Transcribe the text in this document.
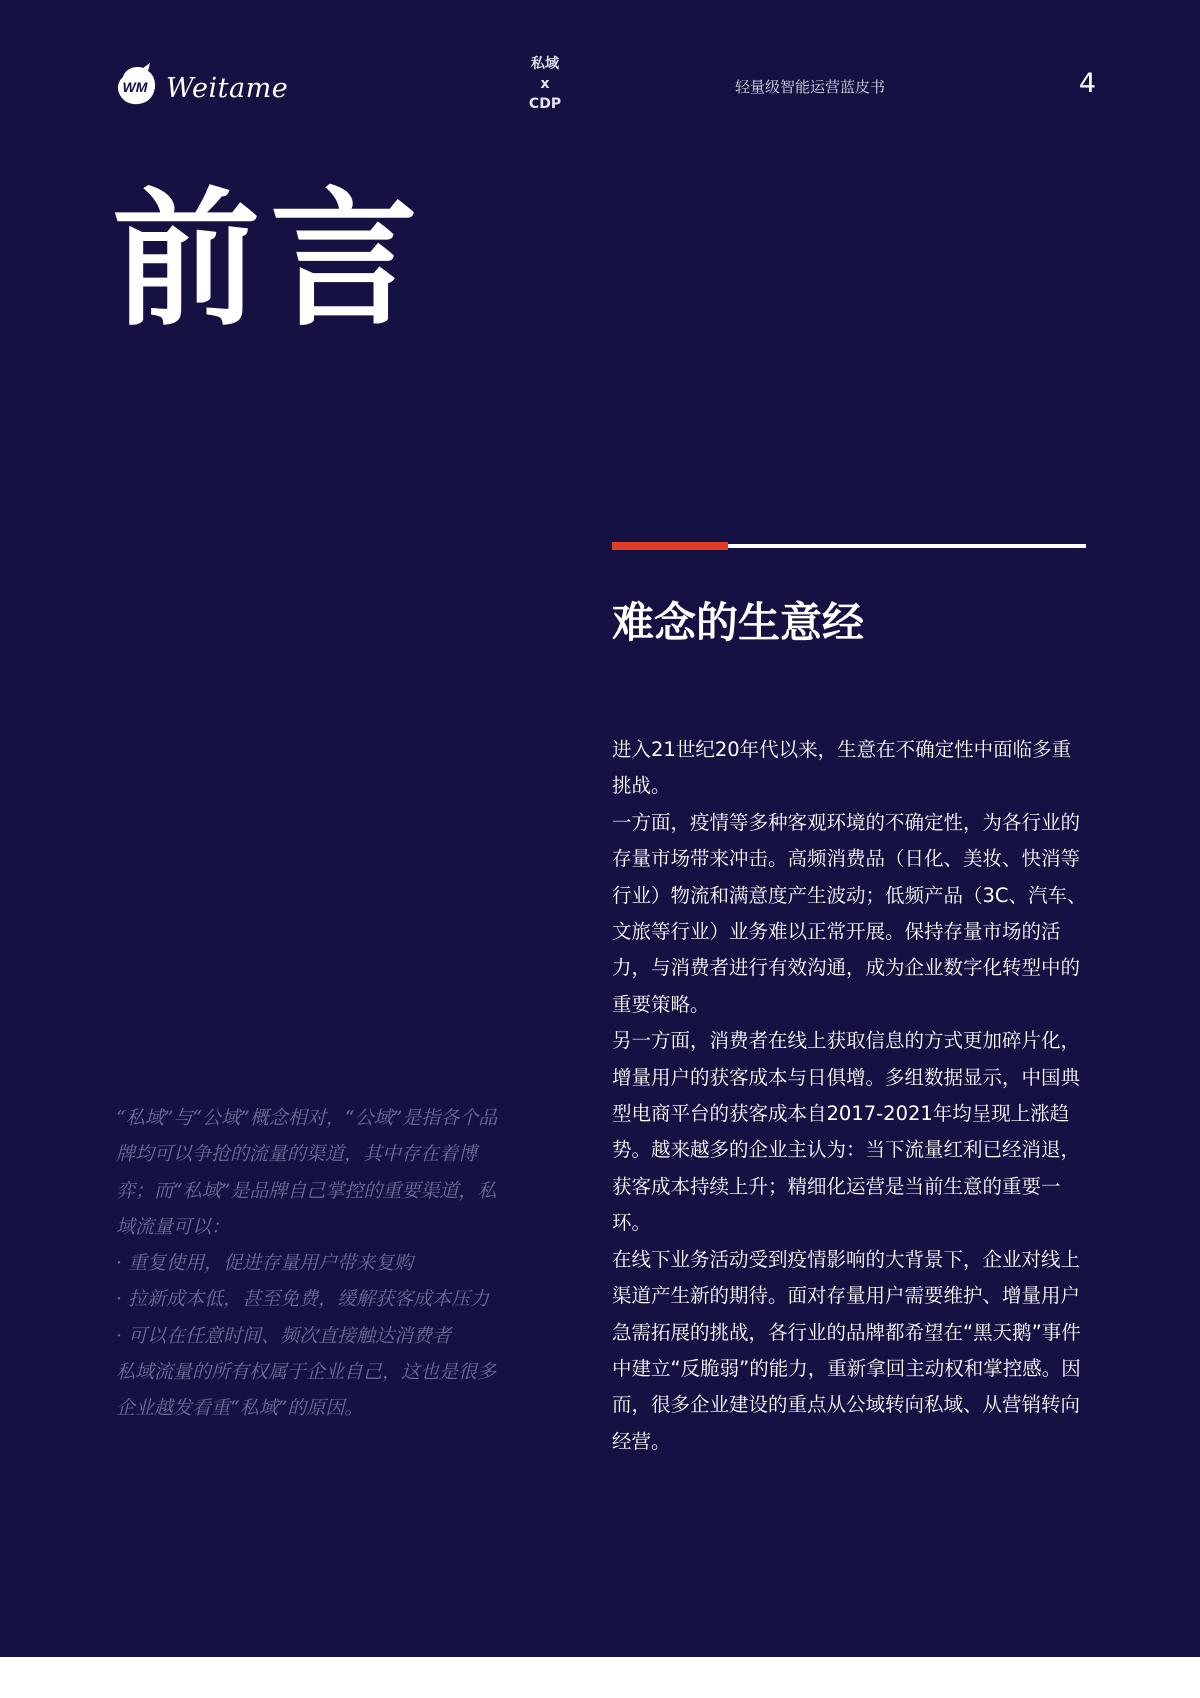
WM Weitame
私域
x
CDP
轻量级智能运营蓝皮书	4
前言
难念的生意经

进入21世纪20年代以来，生意在不确定性中面临多重挑战。

一方面，疫情等多种客观环境的不确定性，为各行业的存量市场带来冲击。高频消费品（日化、美妆、快消等行业）物流和满意度产生波动；低频产品（3C、汽车、文旅等行业）业务难以正常开展。保持存量市场的活力，与消费者进行有效沟通，成为企业数字化转型中的重要策略。

另一方面，消费者在线上获取信息的方式更加碎片化，增量用户的获客成本与日俱增。多组数据显示，中国典型电商平台的获客成本自2017-2021年均呈现上涨趋势。越来越多的企业主认为：当下流量红利已经消退，获客成本持续上升；精细化运营是当前生意的重要一环。

在线下业务活动受到疫情影响的大背景下，企业对线上渠道产生新的期待。面对存量用户需要维护、增量用户急需拓展的挑战，各行业的品牌都希望在“黑天鹅”事件中建立“反脆弱”的能力，重新拿回主动权和掌控感。因而，很多企业建设的重点从公域转向私域、从营销转向经营。

“私域”与“公域”概念相对，“公域”是指各个品牌均可以争抢的流量的渠道，其中存在着博弈；而“私域”是品牌自己掌控的重要渠道，私域流量可以：

· 重复使用，促进存量用户带来复购

· 拉新成本低，甚至免费，缓解获客成本压力

· 可以在任意时间、频次直接触达消费者

私域流量的所有权属于企业自己，这也是很多企业越发看重“私域”的原因。
